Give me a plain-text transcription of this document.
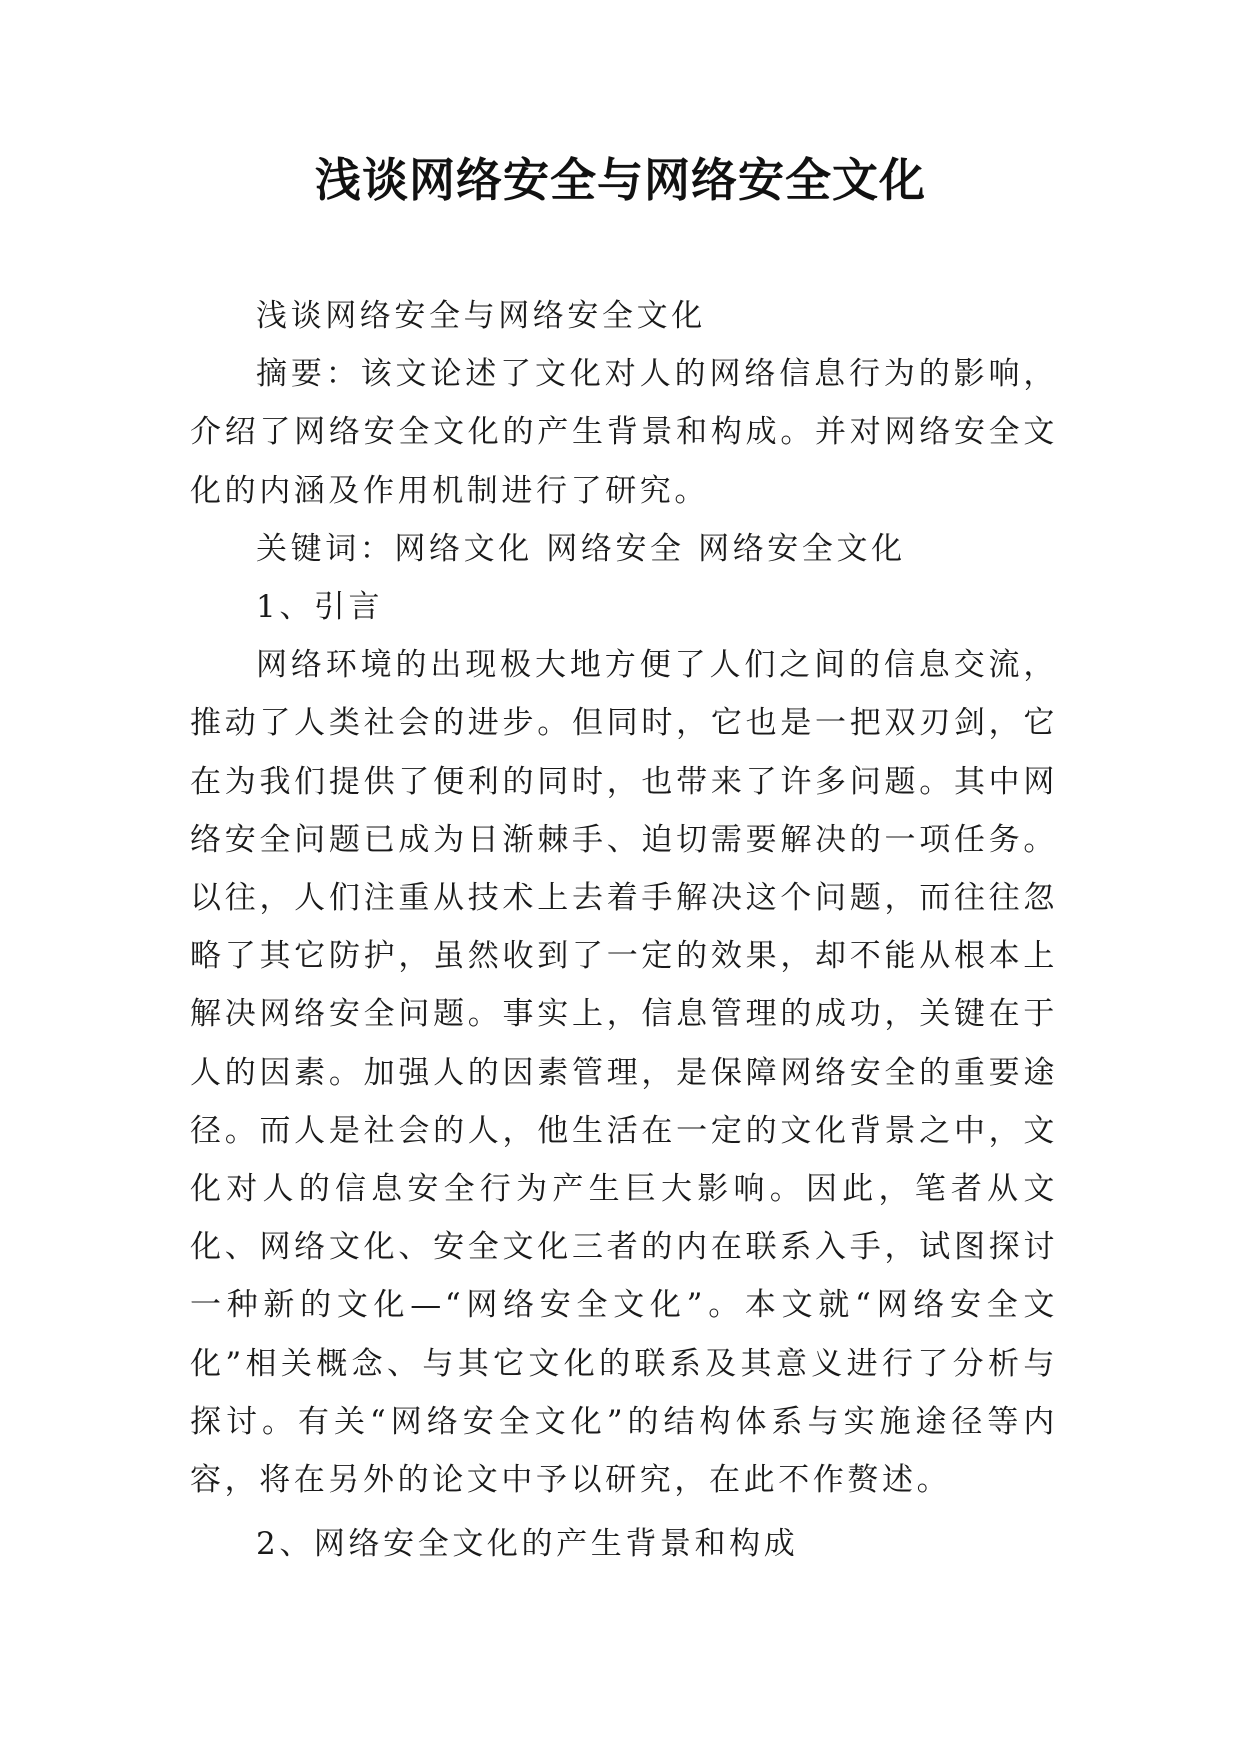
浅谈网络安全与网络安全文化

浅谈网络安全与网络安全文化

摘要：该文论述了文化对人的网络信息行为的影响，介绍了网络安全文化的产生背景和构成。并对网络安全文化的内涵及作用机制进行了研究。

关键词：网络文化 网络安全 网络安全文化

1、引言

网络环境的出现极大地方便了人们之间的信息交流，推动了人类社会的进步。但同时，它也是一把双刃剑，它在为我们提供了便利的同时，也带来了许多问题。其中网络安全问题已成为日渐棘手、迫切需要解决的一项任务。以往，人们注重从技术上去着手解决这个问题，而往往忽略了其它防护，虽然收到了一定的效果，却不能从根本上解决网络安全问题。事实上，信息管理的成功，关键在于人的因素。加强人的因素管理，是保障网络安全的重要途径。而人是社会的人，他生活在一定的文化背景之中，文化对人的信息安全行为产生巨大影响。因此，笔者从文化、网络文化、安全文化三者的内在联系入手，试图探讨一种新的文化—“网络安全文化”。本文就“网络安全文化”相关概念、与其它文化的联系及其意义进行了分析与探讨。有关“网络安全文化”的结构体系与实施途径等内容，将在另外的论文中予以研究，在此不作赘述。

2、网络安全文化的产生背景和构成
